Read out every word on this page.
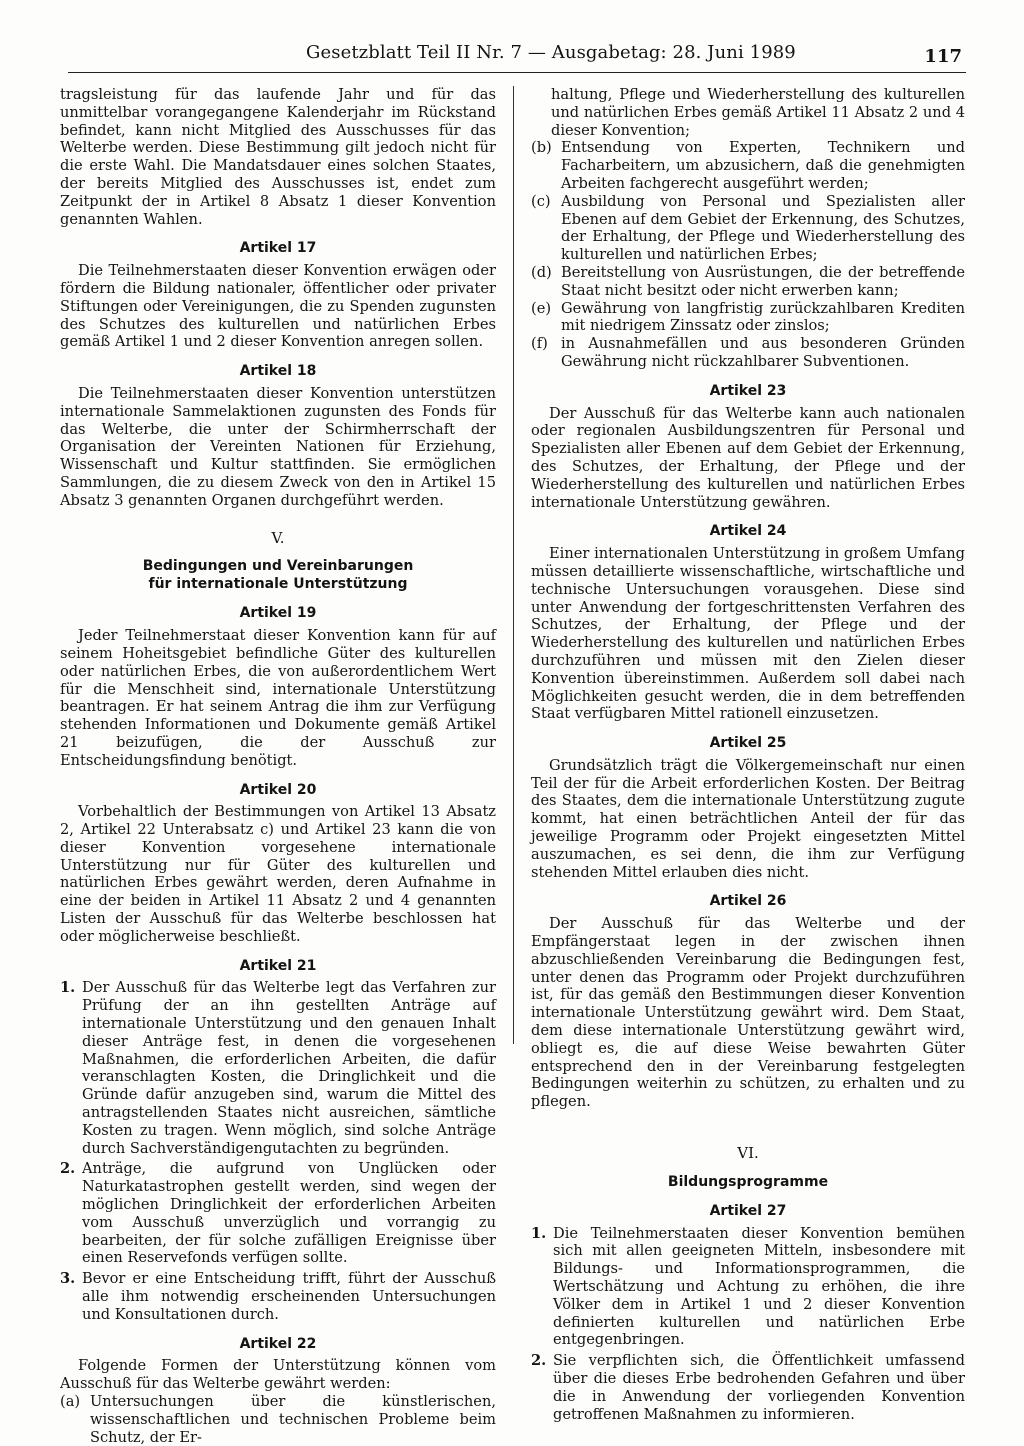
Gesetzblatt Teil II Nr. 7 — Ausgabetag: 28. Juni 1989	117

tragsleistung für das laufende Jahr und für das unmittelbar vorangegangene Kalenderjahr im Rückstand befindet, kann nicht Mitglied des Ausschusses für das Welterbe werden. Diese Bestimmung gilt jedoch nicht für die erste Wahl. Die Mandatsdauer eines solchen Staates, der bereits Mitglied des Ausschusses ist, endet zum Zeitpunkt der in Artikel 8 Absatz 1 dieser Konvention genannten Wahlen.

Artikel 17

Die Teilnehmerstaaten dieser Konvention erwägen oder fördern die Bildung nationaler, öffentlicher oder privater Stiftungen oder Vereinigungen, die zu Spenden zugunsten des Schutzes des kulturellen und natürlichen Erbes gemäß Artikel 1 und 2 dieser Konvention anregen sollen.

Artikel 18

Die Teilnehmerstaaten dieser Konvention unterstützen internationale Sammelaktionen zugunsten des Fonds für das Welterbe, die unter der Schirmherrschaft der Organisation der Vereinten Nationen für Erziehung, Wissenschaft und Kultur stattfinden. Sie ermöglichen Sammlungen, die zu diesem Zweck von den in Artikel 15 Absatz 3 genannten Organen durchgeführt werden.

V.
Bedingungen und Vereinbarungen
für internationale Unterstützung
Artikel 19

Jeder Teilnehmerstaat dieser Konvention kann für auf seinem Hoheitsgebiet befindliche Güter des kulturellen oder natürlichen Erbes, die von außerordentlichem Wert für die Menschheit sind, internationale Unterstützung beantragen. Er hat seinem Antrag die ihm zur Verfügung stehenden Informationen und Dokumente gemäß Artikel 21 beizufügen, die der Ausschuß zur Entscheidungsfindung benötigt.

Artikel 20

Vorbehaltlich der Bestimmungen von Artikel 13 Absatz 2, Artikel 22 Unterabsatz c) und Artikel 23 kann die von dieser Konvention vorgesehene internationale Unterstützung nur für Güter des kulturellen und natürlichen Erbes gewährt werden, deren Aufnahme in eine der beiden in Artikel 11 Absatz 2 und 4 genannten Listen der Ausschuß für das Welterbe beschlossen hat oder möglicherweise beschließt.

Artikel 21
1. Der Ausschuß für das Welterbe legt das Verfahren zur Prüfung der an ihn gestellten Anträge auf internationale Unterstützung und den genauen Inhalt dieser Anträge fest, in denen die vorgesehenen Maßnahmen, die erforderlichen Arbeiten, die dafür veranschlagten Kosten, die Dringlichkeit und die Gründe dafür anzugeben sind, warum die Mittel des antragstellenden Staates nicht ausreichen, sämtliche Kosten zu tragen. Wenn möglich, sind solche Anträge durch Sachverständigengutachten zu begründen.
2. Anträge, die aufgrund von Unglücken oder Naturkatastrophen gestellt werden, sind wegen der möglichen Dringlichkeit der erforderlichen Arbeiten vom Ausschuß unverzüglich und vorrangig zu bearbeiten, der für solche zufälligen Ereignisse über einen Reservefonds verfügen sollte.
3. Bevor er eine Entscheidung trifft, führt der Ausschuß alle ihm notwendig erscheinenden Untersuchungen und Konsultationen durch.
Artikel 22

Folgende Formen der Unterstützung können vom Ausschuß für das Welterbe gewährt werden:

(a) Untersuchungen über die künstlerischen, wissenschaftlichen und technischen Probleme beim Schutz, der Er-

haltung, Pflege und Wiederherstellung des kulturellen und natürlichen Erbes gemäß Artikel 11 Absatz 2 und 4 dieser Konvention;

(b) Entsendung von Experten, Technikern und Facharbeitern, um abzusichern, daß die genehmigten Arbeiten fachgerecht ausgeführt werden;
(c) Ausbildung von Personal und Spezialisten aller Ebenen auf dem Gebiet der Erkennung, des Schutzes, der Erhaltung, der Pflege und Wiederherstellung des kulturellen und natürlichen Erbes;
(d) Bereitstellung von Ausrüstungen, die der betreffende Staat nicht besitzt oder nicht erwerben kann;
(e) Gewährung von langfristig zurückzahlbaren Krediten mit niedrigem Zinssatz oder zinslos;
(f) in Ausnahmefällen und aus besonderen Gründen Gewährung nicht rückzahlbarer Subventionen.
Artikel 23

Der Ausschuß für das Welterbe kann auch nationalen oder regionalen Ausbildungszentren für Personal und Spezialisten aller Ebenen auf dem Gebiet der Erkennung, des Schutzes, der Erhaltung, der Pflege und der Wiederherstellung des kulturellen und natürlichen Erbes internationale Unterstützung gewähren.

Artikel 24

Einer internationalen Unterstützung in großem Umfang müssen detaillierte wissenschaftliche, wirtschaftliche und technische Untersuchungen vorausgehen. Diese sind unter Anwendung der fortgeschrittensten Verfahren des Schutzes, der Erhaltung, der Pflege und der Wiederherstellung des kulturellen und natürlichen Erbes durchzuführen und müssen mit den Zielen dieser Konvention übereinstimmen. Außerdem soll dabei nach Möglichkeiten gesucht werden, die in dem betreffenden Staat verfügbaren Mittel rationell einzusetzen.

Artikel 25

Grundsätzlich trägt die Völkergemeinschaft nur einen Teil der für die Arbeit erforderlichen Kosten. Der Beitrag des Staates, dem die internationale Unterstützung zugute kommt, hat einen beträchtlichen Anteil der für das jeweilige Programm oder Projekt eingesetzten Mittel auszumachen, es sei denn, die ihm zur Verfügung stehenden Mittel erlauben dies nicht.

Artikel 26

Der Ausschuß für das Welterbe und der Empfängerstaat legen in der zwischen ihnen abzuschließenden Vereinbarung die Bedingungen fest, unter denen das Programm oder Projekt durchzuführen ist, für das gemäß den Bestimmungen dieser Konvention internationale Unterstützung gewährt wird. Dem Staat, dem diese internationale Unterstützung gewährt wird, obliegt es, die auf diese Weise bewahrten Güter entsprechend den in der Vereinbarung festgelegten Bedingungen weiterhin zu schützen, zu erhalten und zu pflegen.

VI.
Bildungsprogramme
Artikel 27
1. Die Teilnehmerstaaten dieser Konvention bemühen sich mit allen geeigneten Mitteln, insbesondere mit Bildungs- und Informationsprogrammen, die Wertschätzung und Achtung zu erhöhen, die ihre Völker dem in Artikel 1 und 2 dieser Konvention definierten kulturellen und natürlichen Erbe entgegenbringen.
2. Sie verpflichten sich, die Öffentlichkeit umfassend über die dieses Erbe bedrohenden Gefahren und über die in Anwendung der vorliegenden Konvention getroffenen Maßnahmen zu informieren.
